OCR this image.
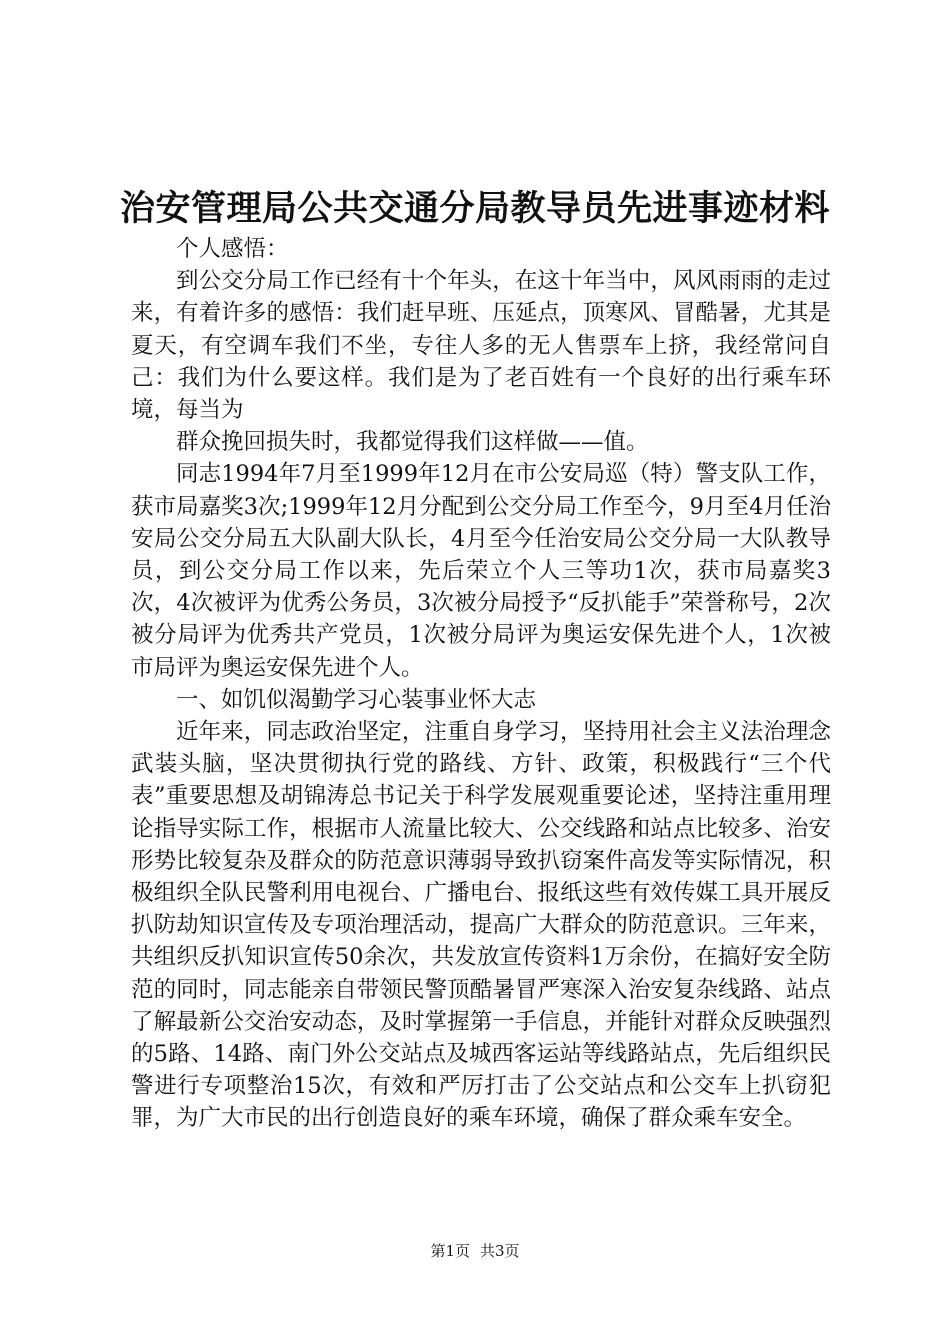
治安管理局公共交通分局教导员先进事迹材料

个人感悟：

到公交分局工作已经有十个年头，在这十年当中，风风雨雨的走过来，有着许多的感悟：我们赶早班、压延点，顶寒风、冒酷暑，尤其是夏天，有空调车我们不坐，专往人多的无人售票车上挤，我经常问自己：我们为什么要这样。我们是为了老百姓有一个良好的出行乘车环境，每当为

群众挽回损失时，我都觉得我们这样做——值。

同志1994年7月至1999年12月在市公安局巡（特）警支队工作，获市局嘉奖3次;1999年12月分配到公交分局工作至今，9月至4月任治安局公交分局五大队副大队长，4月至今任治安局公交分局一大队教导员，到公交分局工作以来，先后荣立个人三等功1次，获市局嘉奖3次，4次被评为优秀公务员，3次被分局授予“反扒能手”荣誉称号，2次被分局评为优秀共产党员，1次被分局评为奥运安保先进个人，1次被市局评为奥运安保先进个人。

一、如饥似渴勤学习心装事业怀大志

近年来，同志政治坚定，注重自身学习，坚持用社会主义法治理念武装头脑，坚决贯彻执行党的路线、方针、政策，积极践行“三个代表”重要思想及胡锦涛总书记关于科学发展观重要论述，坚持注重用理论指导实际工作，根据市人流量比较大、公交线路和站点比较多、治安形势比较复杂及群众的防范意识薄弱导致扒窃案件高发等实际情况，积极组织全队民警利用电视台、广播电台、报纸这些有效传媒工具开展反扒防劫知识宣传及专项治理活动，提高广大群众的防范意识。三年来，共组织反扒知识宣传50余次，共发放宣传资料1万余份，在搞好安全防范的同时，同志能亲自带领民警顶酷暑冒严寒深入治安复杂线路、站点了解最新公交治安动态，及时掌握第一手信息，并能针对群众反映强烈的5路、14路、南门外公交站点及城西客运站等线路站点，先后组织民警进行专项整治15次，有效和严厉打击了公交站点和公交车上扒窃犯罪，为广大市民的出行创造良好的乘车环境，确保了群众乘车安全。

第1页 共3页
